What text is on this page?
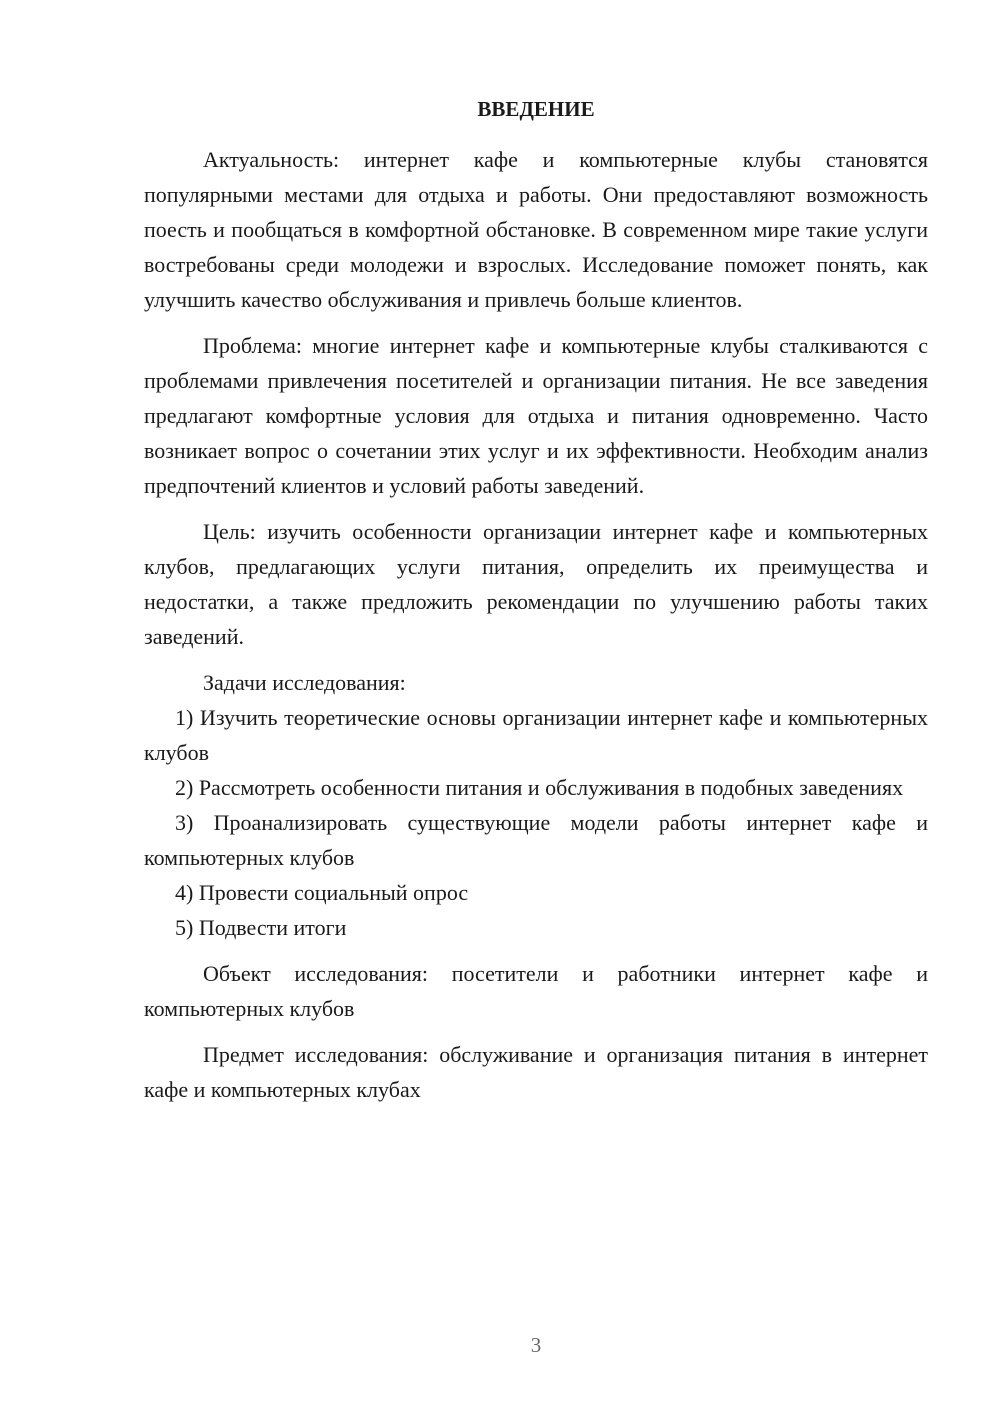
ВВЕДЕНИЕ

Актуальность: интернет кафе и компьютерные клубы становятся популярными местами для отдыха и работы. Они предоставляют возможность поесть и пообщаться в комфортной обстановке. В современном мире такие услуги востребованы среди молодежи и взрослых. Исследование поможет понять, как улучшить качество обслуживания и привлечь больше клиентов.

Проблема: многие интернет кафе и компьютерные клубы сталкиваются с проблемами привлечения посетителей и организации питания. Не все заведения предлагают комфортные условия для отдыха и питания одновременно. Часто возникает вопрос о сочетании этих услуг и их эффективности. Необходим анализ предпочтений клиентов и условий работы заведений.

Цель: изучить особенности организации интернет кафе и компьютерных клубов, предлагающих услуги питания, определить их преимущества и недостатки, а также предложить рекомендации по улучшению работы таких заведений.

Задачи исследования:

1) Изучить теоретические основы организации интернет кафе и компьютерных клубов

2) Рассмотреть особенности питания и обслуживания в подобных заведениях

3) Проанализировать существующие модели работы интернет кафе и компьютерных клубов

4) Провести социальный опрос

5) Подвести итоги

Объект исследования: посетители и работники интернет кафе и компьютерных клубов

Предмет исследования: обслуживание и организация питания в интернет кафе и компьютерных клубах

3
